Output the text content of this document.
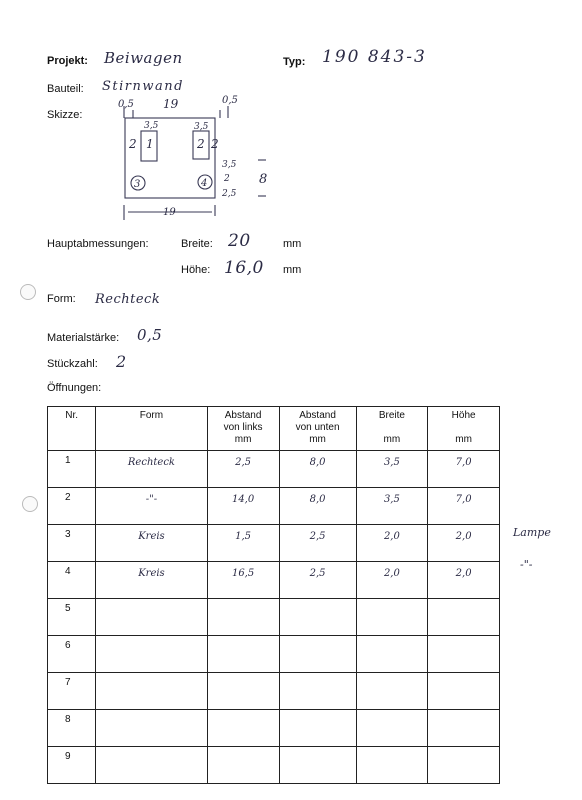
Projekt: Beiwagen	Typ: 190 843-3
Bauteil: Stirnwand
Skizze:
0,5 19	0,5
3,5	3,5
2 1	2 2
3	4
3,5
2
2,5
8
19
Hauptabmessungen:	Breite: 20	mm
Höhe: 16,0 mm
Form: Rechteck
Materialstärke: 0,5
Stückzahl: 2
Öffnungen:
Nr.	Form	Abstand
von links
mm	Abstand
von unten
mm	Breite

mm	Höhe

mm
1	Rechteck	2,5	8,0	3,5	7,0
2	-"-	14,0	8,0	3,5	7,0
3	Kreis	1,5	2,5	2,0	2,0
4	Kreis	16,5	2,5	2,0	2,0
5					
6					
7					
8					
9					
Lampe
-"-
